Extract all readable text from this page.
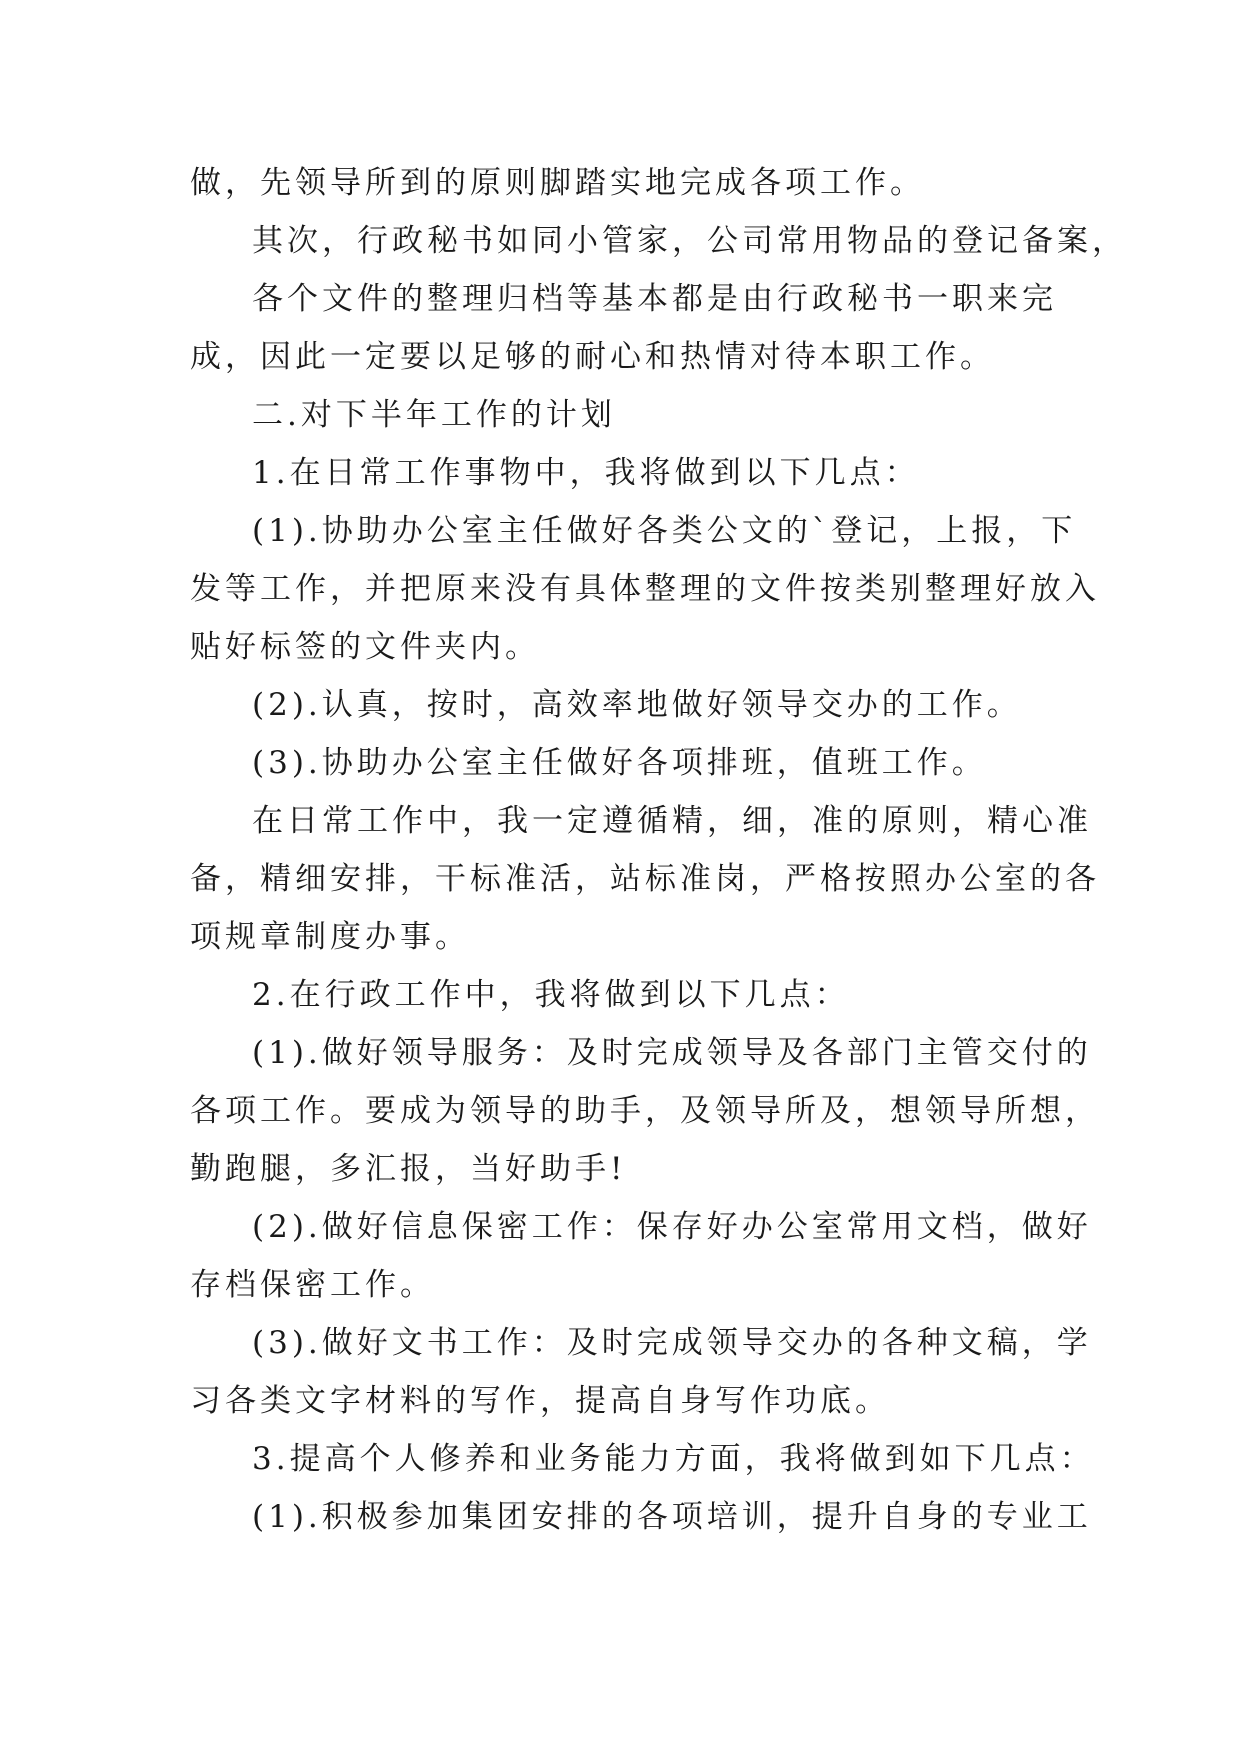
做，先领导所到的原则脚踏实地完成各项工作。
其次，行政秘书如同小管家，公司常用物品的登记备案，
各个文件的整理归档等基本都是由行政秘书一职来完
成，因此一定要以足够的耐心和热情对待本职工作。
二.对下半年工作的计划
1.在日常工作事物中，我将做到以下几点：
(1).协助办公室主任做好各类公文的`登记，上报，下
发等工作，并把原来没有具体整理的文件按类别整理好放入
贴好标签的文件夹内。
(2).认真，按时，高效率地做好领导交办的工作。
(3).协助办公室主任做好各项排班，值班工作。
在日常工作中，我一定遵循精，细，准的原则，精心准
备，精细安排，干标准活，站标准岗，严格按照办公室的各
项规章制度办事。
2.在行政工作中，我将做到以下几点：
(1).做好领导服务：及时完成领导及各部门主管交付的
各项工作。要成为领导的助手，及领导所及，想领导所想，
勤跑腿，多汇报，当好助手!
(2).做好信息保密工作：保存好办公室常用文档，做好
存档保密工作。
(3).做好文书工作：及时完成领导交办的各种文稿，学
习各类文字材料的写作，提高自身写作功底。
3.提高个人修养和业务能力方面，我将做到如下几点：
(1).积极参加集团安排的各项培训，提升自身的专业工
